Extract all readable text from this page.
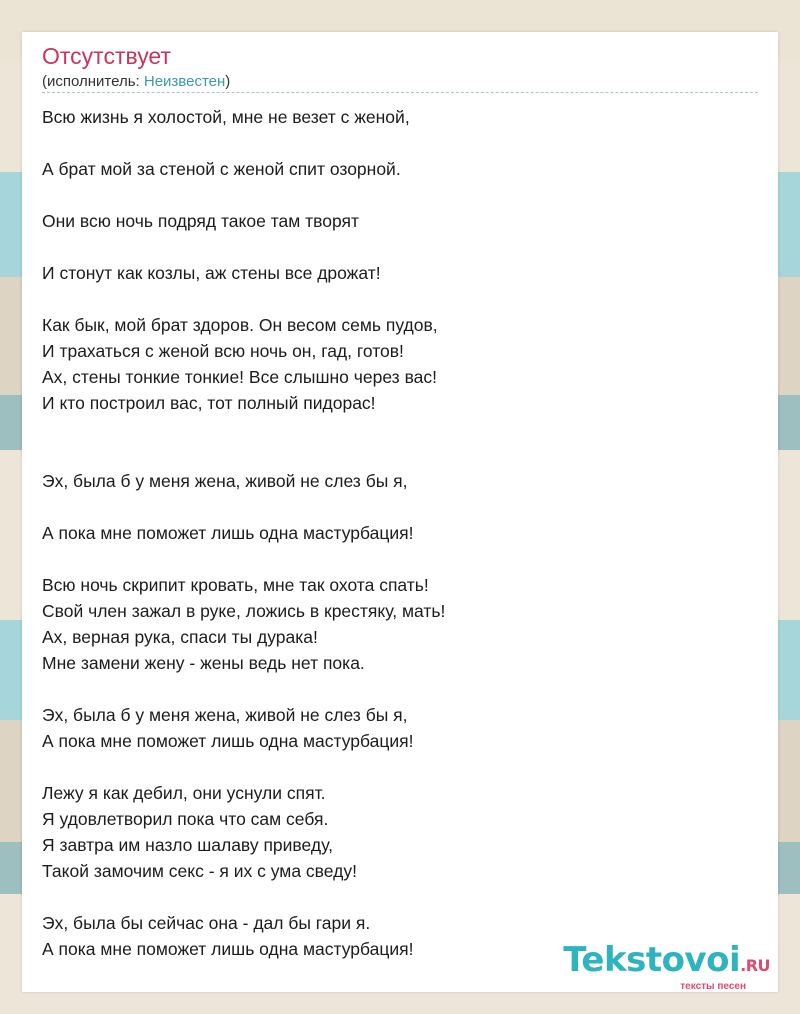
Отсутствует
(исполнитель: Неизвестен)
Всю жизнь я холостой, мне не везет с женой,
А брат мой за стеной с женой спит озорной.
Они всю ночь подряд такое там творят
И стонут как козлы, аж стены все дрожат!
Как бык, мой брат здоров. Он весом семь пудов,
И трахаться с женой всю ночь он, гад, готов!
Ах, стены тонкие тонкие! Все слышно через вас!
И кто построил вас, тот полный пидорас!
Эх, была б у меня жена, живой не слез бы я,
А пока мне поможет лишь одна мастурбация!
Всю ночь скрипит кровать, мне так охота спать!
Свой член зажал в руке, ложись в крестяку, мать!
Ах, верная рука, спаси ты дурака!
Мне замени жену - жены ведь нет пока.
Эх, была б у меня жена, живой не слез бы я,
А пока мне поможет лишь одна мастурбация!
Лежу я как дебил, они уснули спят.
Я удовлетворил пока что сам себя.
Я завтра им назло шалаву приведу,
Такой замочим секс - я их с ума сведу!
Эх, была бы сейчас она - дал бы гари я.
А пока мне поможет лишь одна мастурбация!	Tekstovoi.RU
тексты песен
